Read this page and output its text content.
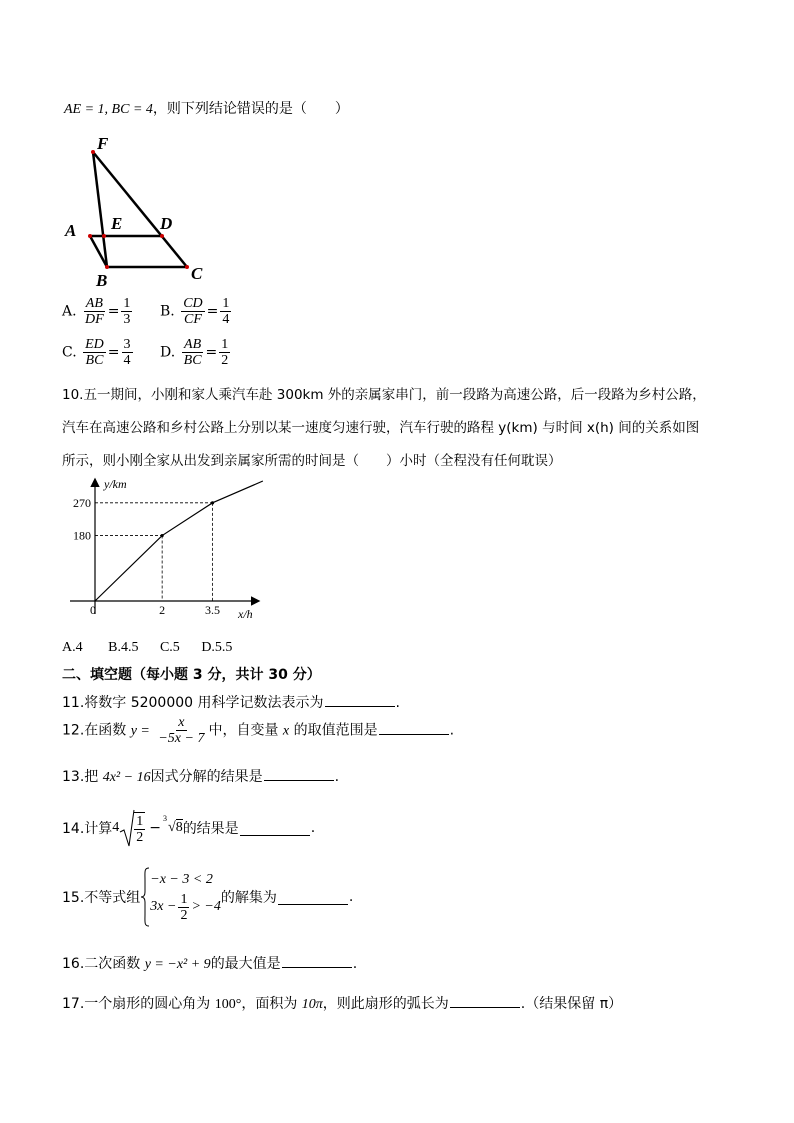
AE = 1, BC = 4，则下列结论错误的是（　　）
F
A E D
B	C
A. $\frac{AB}{DF} = \frac{1}{3} B$. $\frac{CD}{CF} = \frac{1}{4}$
C. $\frac{ED}{BC} = \frac{3}{4} D$. $\frac{AB}{BC} = \frac{1}{2}$
10.五一期间，小刚和家人乘汽车赴 300km 外的亲属家串门，前一段路为高速公路，后一段路为乡村公路，
汽车在高速公路和乡村公路上分别以某一速度匀速行驶，汽车行驶的路程 y(km) 与时间 x(h) 间的关系如图
所示，则小刚全家从出发到亲属家所需的时间是（　　）小时（全程没有任何耽误）
0	2	3.5
180
270
y/km
x/h
A.4 B.4.5 C.5 D.5.5
二、填空题（每小题 3 分，共计 30 分）
11.将数字 5200000 用科学记数法表示为	.
12.在函数 $y = \frac{x}{-5x - 7}$ 中，自变量 x 的取值范围是	.
13.把 4x² − 16因式分解的结果是	.
14.计算 $4 \frac{1}{2}$ −
3
√8 的结果是	.
15.不等式组
−x − 3 < 2
$3x - \frac{1}{2} > -4$
的解集为	.
16.二次函数 y = −x² + 9的最大值是	.
17.一个扇形的圆心角为 100°，面积为 10π，则此扇形的弧长为	.（结果保留 π）
